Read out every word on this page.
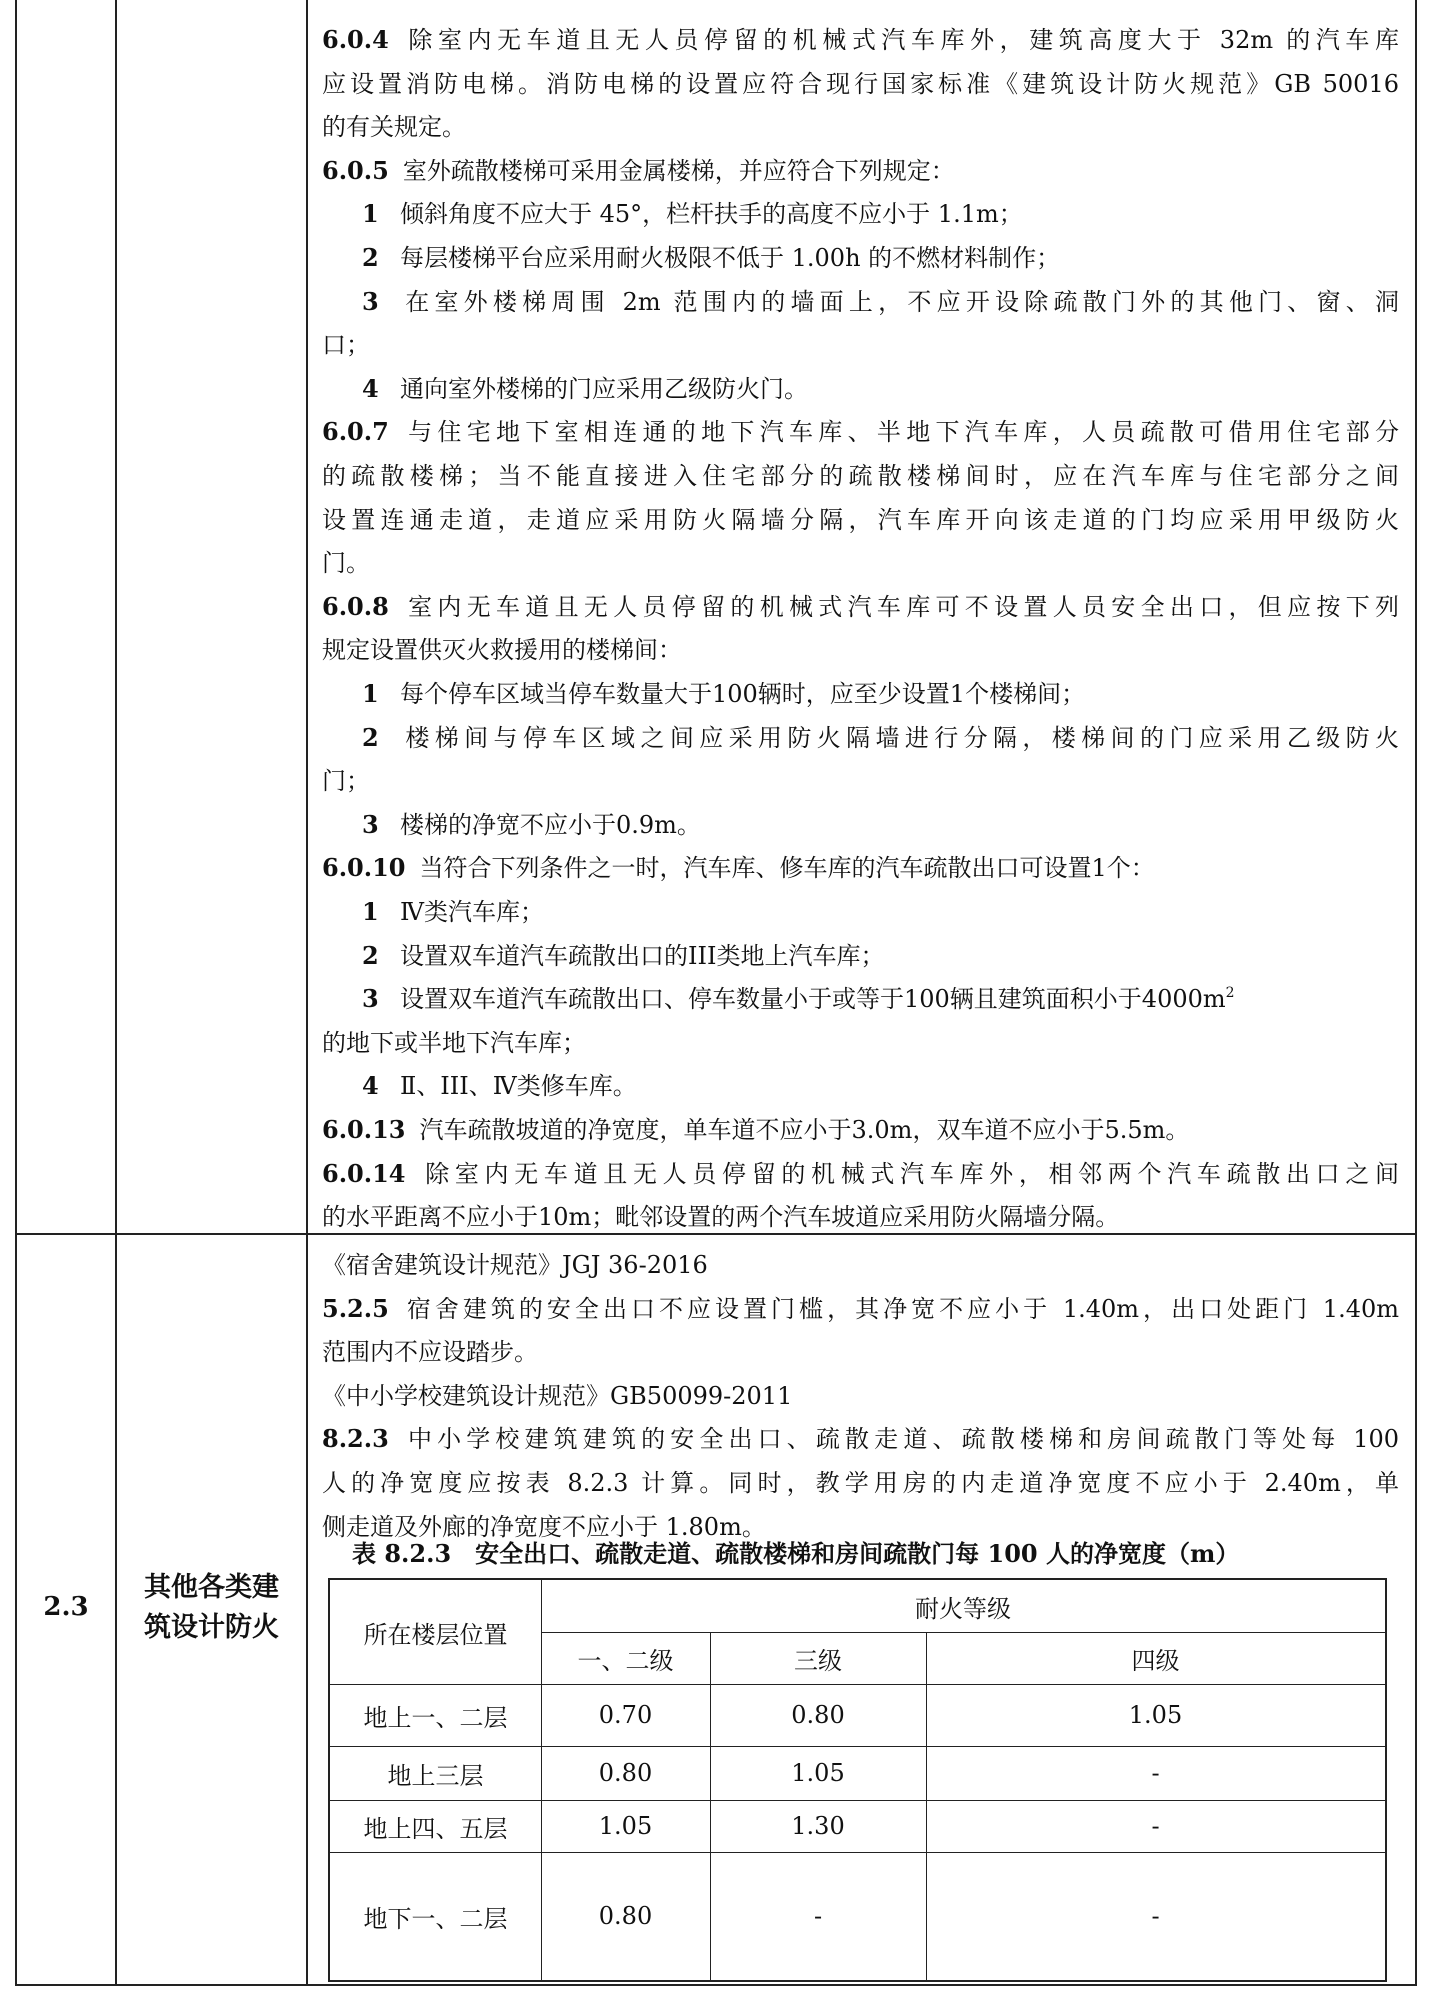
6.0.4 除室内无车道且无人员停留的机械式汽车库外，建筑高度大于 32m 的汽车库
应设置消防电梯。消防电梯的设置应符合现行国家标准《建筑设计防火规范》GB 50016
的有关规定。
6.0.5 室外疏散楼梯可采用金属楼梯，并应符合下列规定：
1 倾斜角度不应大于 45°，栏杆扶手的高度不应小于 1.1m；
2 每层楼梯平台应采用耐火极限不低于 1.00h 的不燃材料制作；
3 在室外楼梯周围 2m 范围内的墙面上，不应开设除疏散门外的其他门、窗、洞
口；
4 通向室外楼梯的门应采用乙级防火门。
6.0.7 与住宅地下室相连通的地下汽车库、半地下汽车库，人员疏散可借用住宅部分
的疏散楼梯；当不能直接进入住宅部分的疏散楼梯间时，应在汽车库与住宅部分之间
设置连通走道，走道应采用防火隔墙分隔，汽车库开向该走道的门均应采用甲级防火
门。
6.0.8 室内无车道且无人员停留的机械式汽车库可不设置人员安全出口，但应按下列
规定设置供灭火救援用的楼梯间：
1 每个停车区域当停车数量大于100辆时，应至少设置1个楼梯间；
2 楼梯间与停车区域之间应采用防火隔墙进行分隔，楼梯间的门应采用乙级防火
门；
3 楼梯的净宽不应小于0.9m。
6.0.10 当符合下列条件之一时，汽车库、修车库的汽车疏散出口可设置1个：
1 Ⅳ类汽车库；
2 设置双车道汽车疏散出口的III类地上汽车库；
3 设置双车道汽车疏散出口、停车数量小于或等于100辆且建筑面积小于$4000m^2$
的地下或半地下汽车库；
4 Ⅱ、III、Ⅳ类修车库。
6.0.13 汽车疏散坡道的净宽度，单车道不应小于3.0m，双车道不应小于5.5m。
6.0.14 除室内无车道且无人员停留的机械式汽车库外，相邻两个汽车疏散出口之间
的水平距离不应小于10m；毗邻设置的两个汽车坡道应采用防火隔墙分隔。
2.3
其他各类建
筑设计防火
《宿舍建筑设计规范》JGJ 36-2016
5.2.5 宿舍建筑的安全出口不应设置门槛，其净宽不应小于 1.40m，出口处距门 1.40m
范围内不应设踏步。
《中小学校建筑设计规范》GB50099-2011
8.2.3 中小学校建筑建筑的安全出口、疏散走道、疏散楼梯和房间疏散门等处每 100
人的净宽度应按表 8.2.3 计算。同时，教学用房的内走道净宽度不应小于 2.40m，单
侧走道及外廊的净宽度不应小于 1.80m。
表 8.2.3　安全出口、疏散走道、疏散楼梯和房间疏散门每 100 人的净宽度（m）
所在楼层位置
耐火等级
一、二级	三级	四级
地上一、二层	0.70	0.80	1.05
地上三层	0.80	1.05	-
地上四、五层	1.05	1.30	-
地下一、二层	0.80	-	-
